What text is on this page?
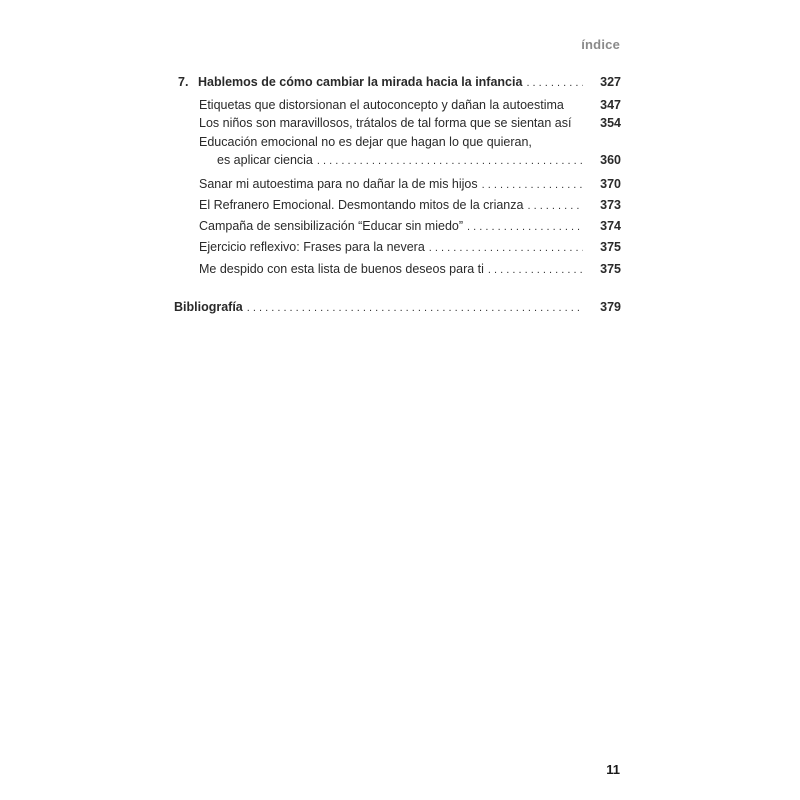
índice
7. Hablemos de cómo cambiar la mirada hacia la infancia . . .	327
Etiquetas que distorsionan el autoconcepto y dañan la autoestima	347
Los niños son maravillosos, trátalos de tal forma que se sientan así	354
Educación emocional no es dejar que hagan lo que quieran,
es aplicar ciencia . . .	360
Sanar mi autoestima para no dañar la de mis hijos . . .	370
El Refranero Emocional. Desmontando mitos de la crianza . . .	373
Campaña de sensibilización “Educar sin miedo” . . .	374
Ejercicio reflexivo: Frases para la nevera . . .	375
Me despido con esta lista de buenos deseos para ti . . .	375
Bibliografía . . .	379
11
